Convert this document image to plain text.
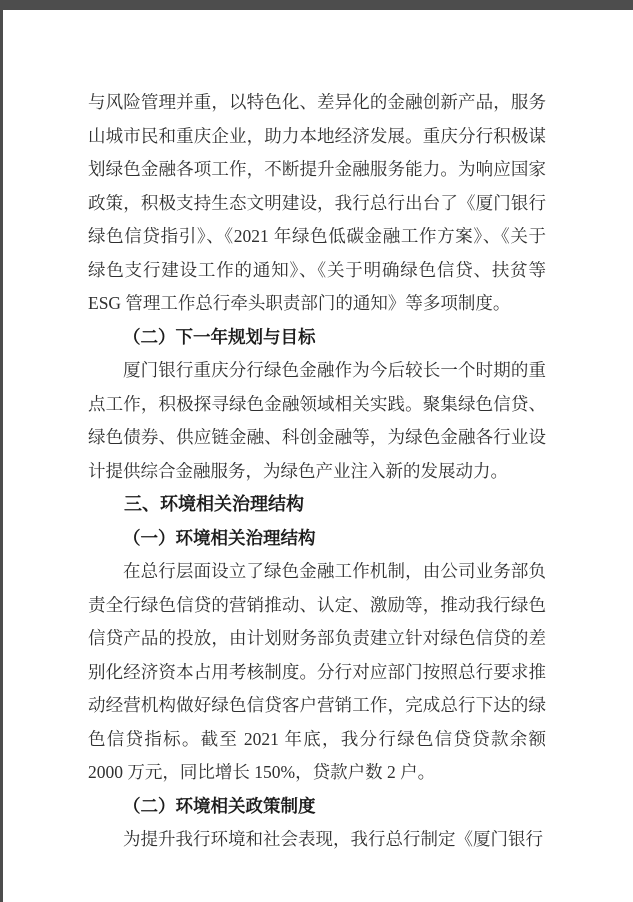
与风险管理并重，以特色化、差异化的金融创新产品，服务山城市民和重庆企业，助力本地经济发展。重庆分行积极谋划绿色金融各项工作，不断提升金融服务能力。为响应国家政策，积极支持生态文明建设，我行总行出台了《厦门银行绿色信贷指引》、《2021 年绿色低碳金融工作方案》、《关于绿色支行建设工作的通知》、《关于明确绿色信贷、扶贫等 ESG 管理工作总行牵头职责部门的通知》等多项制度。

（二）下一年规划与目标

厦门银行重庆分行绿色金融作为今后较长一个时期的重点工作，积极探寻绿色金融领域相关实践。聚集绿色信贷、绿色债券、供应链金融、科创金融等，为绿色金融各行业设计提供综合金融服务，为绿色产业注入新的发展动力。

三、环境相关治理结构

（一）环境相关治理结构

在总行层面设立了绿色金融工作机制，由公司业务部负责全行绿色信贷的营销推动、认定、激励等，推动我行绿色信贷产品的投放，由计划财务部负责建立针对绿色信贷的差别化经济资本占用考核制度。分行对应部门按照总行要求推动经营机构做好绿色信贷客户营销工作，完成总行下达的绿色信贷指标。截至 2021 年底，我分行绿色信贷贷款余额 2000 万元，同比增长 150%，贷款户数 2 户。

（二）环境相关政策制度

为提升我行环境和社会表现，我行总行制定《厦门银行
